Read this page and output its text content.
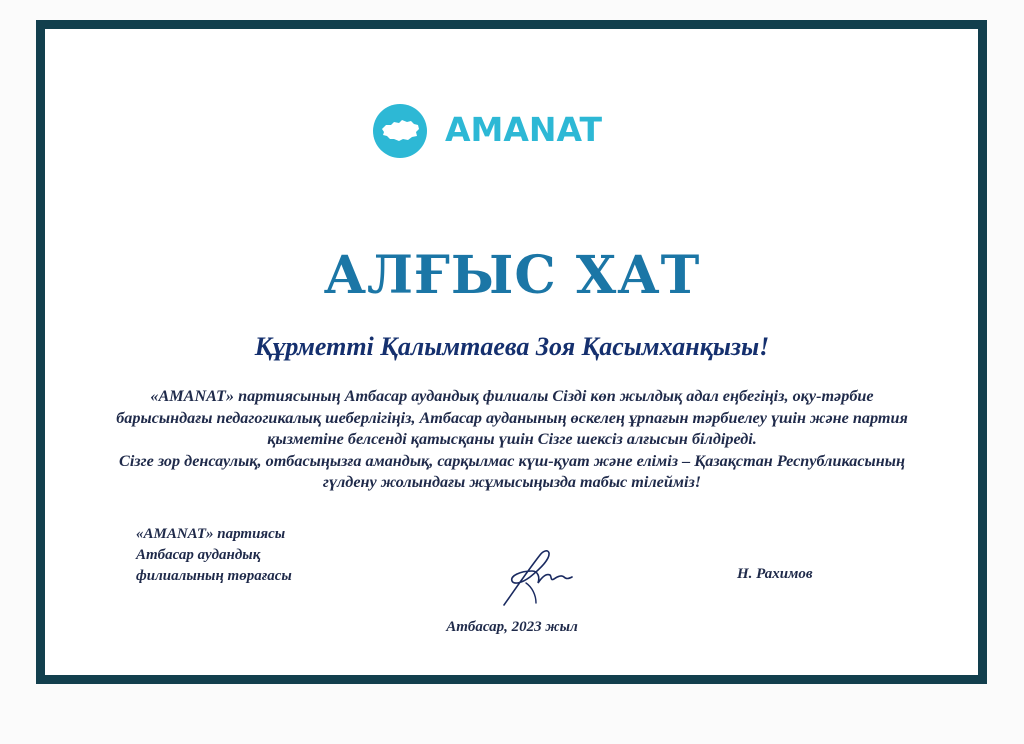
AMANAT
АЛҒЫС ХАТ
Құрметті Қалымтаева Зоя Қасымханқызы!
«AMANAT» партиясының Атбасар аудандық филиалы Сізді көп жылдық адал еңбегіңіз, оқу-тәрбие
барысындағы педагогикалық шеберлігіңіз, Атбасар ауданының өскелең ұрпағын тәрбиелеу үшін және партия
қызметіне белсенді қатысқаны үшін Сізге шексіз алғысын білдіреді.
Сізге зор денсаулық, отбасыңызға амандық, сарқылмас күш-қуат және еліміз – Қазақстан Республикасының
гүлдену жолындағы жұмысыңызда табыс тілейміз!
«AMANAT» партиясы
Атбасар аудандық
филиалының төрағасы	Н. Рахимов
Атбасар, 2023 жыл
